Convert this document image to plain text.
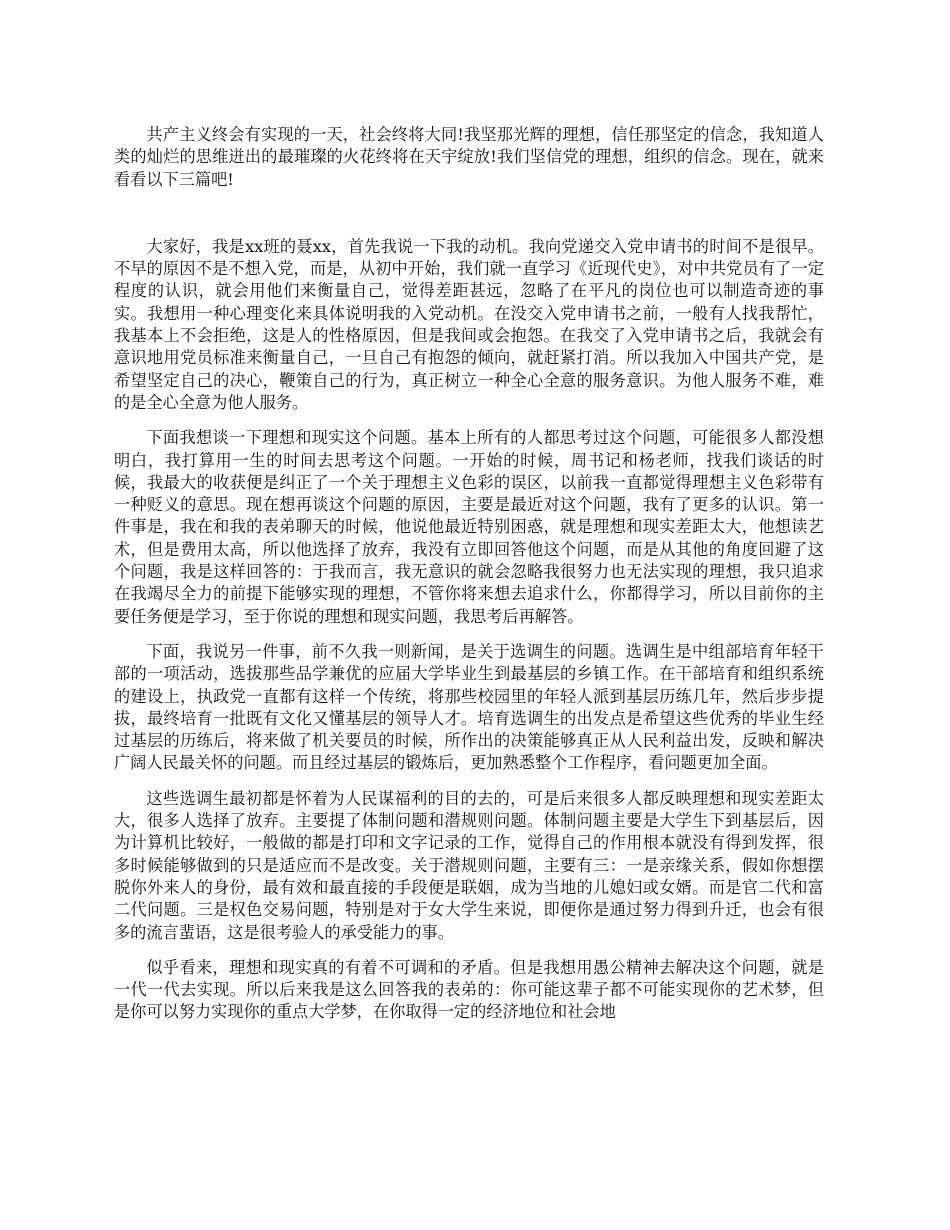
共产主义终会有实现的一天，社会终将大同!我坚那光辉的理想，信任那坚定的信念，我知道人类的灿烂的思维迸出的最璀璨的火花终将在天宇绽放!我们坚信党的理想，组织的信念。现在，就来看看以下三篇吧!

大家好，我是xx班的聂xx，首先我说一下我的动机。我向党递交入党申请书的时间不是很早。不早的原因不是不想入党，而是，从初中开始，我们就一直学习《近现代史》，对中共党员有了一定程度的认识，就会用他们来衡量自己，觉得差距甚远，忽略了在平凡的岗位也可以制造奇迹的事实。我想用一种心理变化来具体说明我的入党动机。在没交入党申请书之前，一般有人找我帮忙，我基本上不会拒绝，这是人的性格原因，但是我间或会抱怨。在我交了入党申请书之后，我就会有意识地用党员标准来衡量自己，一旦自己有抱怨的倾向，就赶紧打消。所以我加入中国共产党，是希望坚定自己的决心，鞭策自己的行为，真正树立一种全心全意的服务意识。为他人服务不难，难的是全心全意为他人服务。

下面我想谈一下理想和现实这个问题。基本上所有的人都思考过这个问题，可能很多人都没想明白，我打算用一生的时间去思考这个问题。一开始的时候，周书记和杨老师，找我们谈话的时候，我最大的收获便是纠正了一个关于理想主义色彩的误区，以前我一直都觉得理想主义色彩带有一种贬义的意思。现在想再谈这个问题的原因，主要是最近对这个问题，我有了更多的认识。第一件事是，我在和我的表弟聊天的时候，他说他最近特别困惑，就是理想和现实差距太大，他想读艺术，但是费用太高，所以他选择了放弃，我没有立即回答他这个问题，而是从其他的角度回避了这个问题，我是这样回答的：于我而言，我无意识的就会忽略我很努力也无法实现的理想，我只追求在我竭尽全力的前提下能够实现的理想，不管你将来想去追求什么，你都得学习，所以目前你的主要任务便是学习，至于你说的理想和现实问题，我思考后再解答。

下面，我说另一件事，前不久我一则新闻，是关于选调生的问题。选调生是中组部培育年轻干部的一项活动，选拔那些品学兼优的应届大学毕业生到最基层的乡镇工作。在干部培育和组织系统的建设上，执政党一直都有这样一个传统，将那些校园里的年轻人派到基层历练几年，然后步步提拔，最终培育一批既有文化又懂基层的领导人才。培育选调生的出发点是希望这些优秀的毕业生经过基层的历练后，将来做了机关要员的时候，所作出的决策能够真正从人民利益出发，反映和解决广阔人民最关怀的问题。而且经过基层的锻炼后，更加熟悉整个工作程序，看问题更加全面。

这些选调生最初都是怀着为人民谋福利的目的去的，可是后来很多人都反映理想和现实差距太大，很多人选择了放弃。主要提了体制问题和潜规则问题。体制问题主要是大学生下到基层后，因为计算机比较好，一般做的都是打印和文字记录的工作，觉得自己的作用根本就没有得到发挥，很多时候能够做到的只是适应而不是改变。关于潜规则问题，主要有三：一是亲缘关系，假如你想摆脱你外来人的身份，最有效和最直接的手段便是联姻，成为当地的儿媳妇或女婿。而是官二代和富二代问题。三是权色交易问题，特别是对于女大学生来说，即便你是通过努力得到升迁，也会有很多的流言蜚语，这是很考验人的承受能力的事。

似乎看来，理想和现实真的有着不可调和的矛盾。但是我想用愚公精神去解决这个问题，就是一代一代去实现。所以后来我是这么回答我的表弟的：你可能这辈子都不可能实现你的艺术梦，但是你可以努力实现你的重点大学梦，在你取得一定的经济地位和社会地
